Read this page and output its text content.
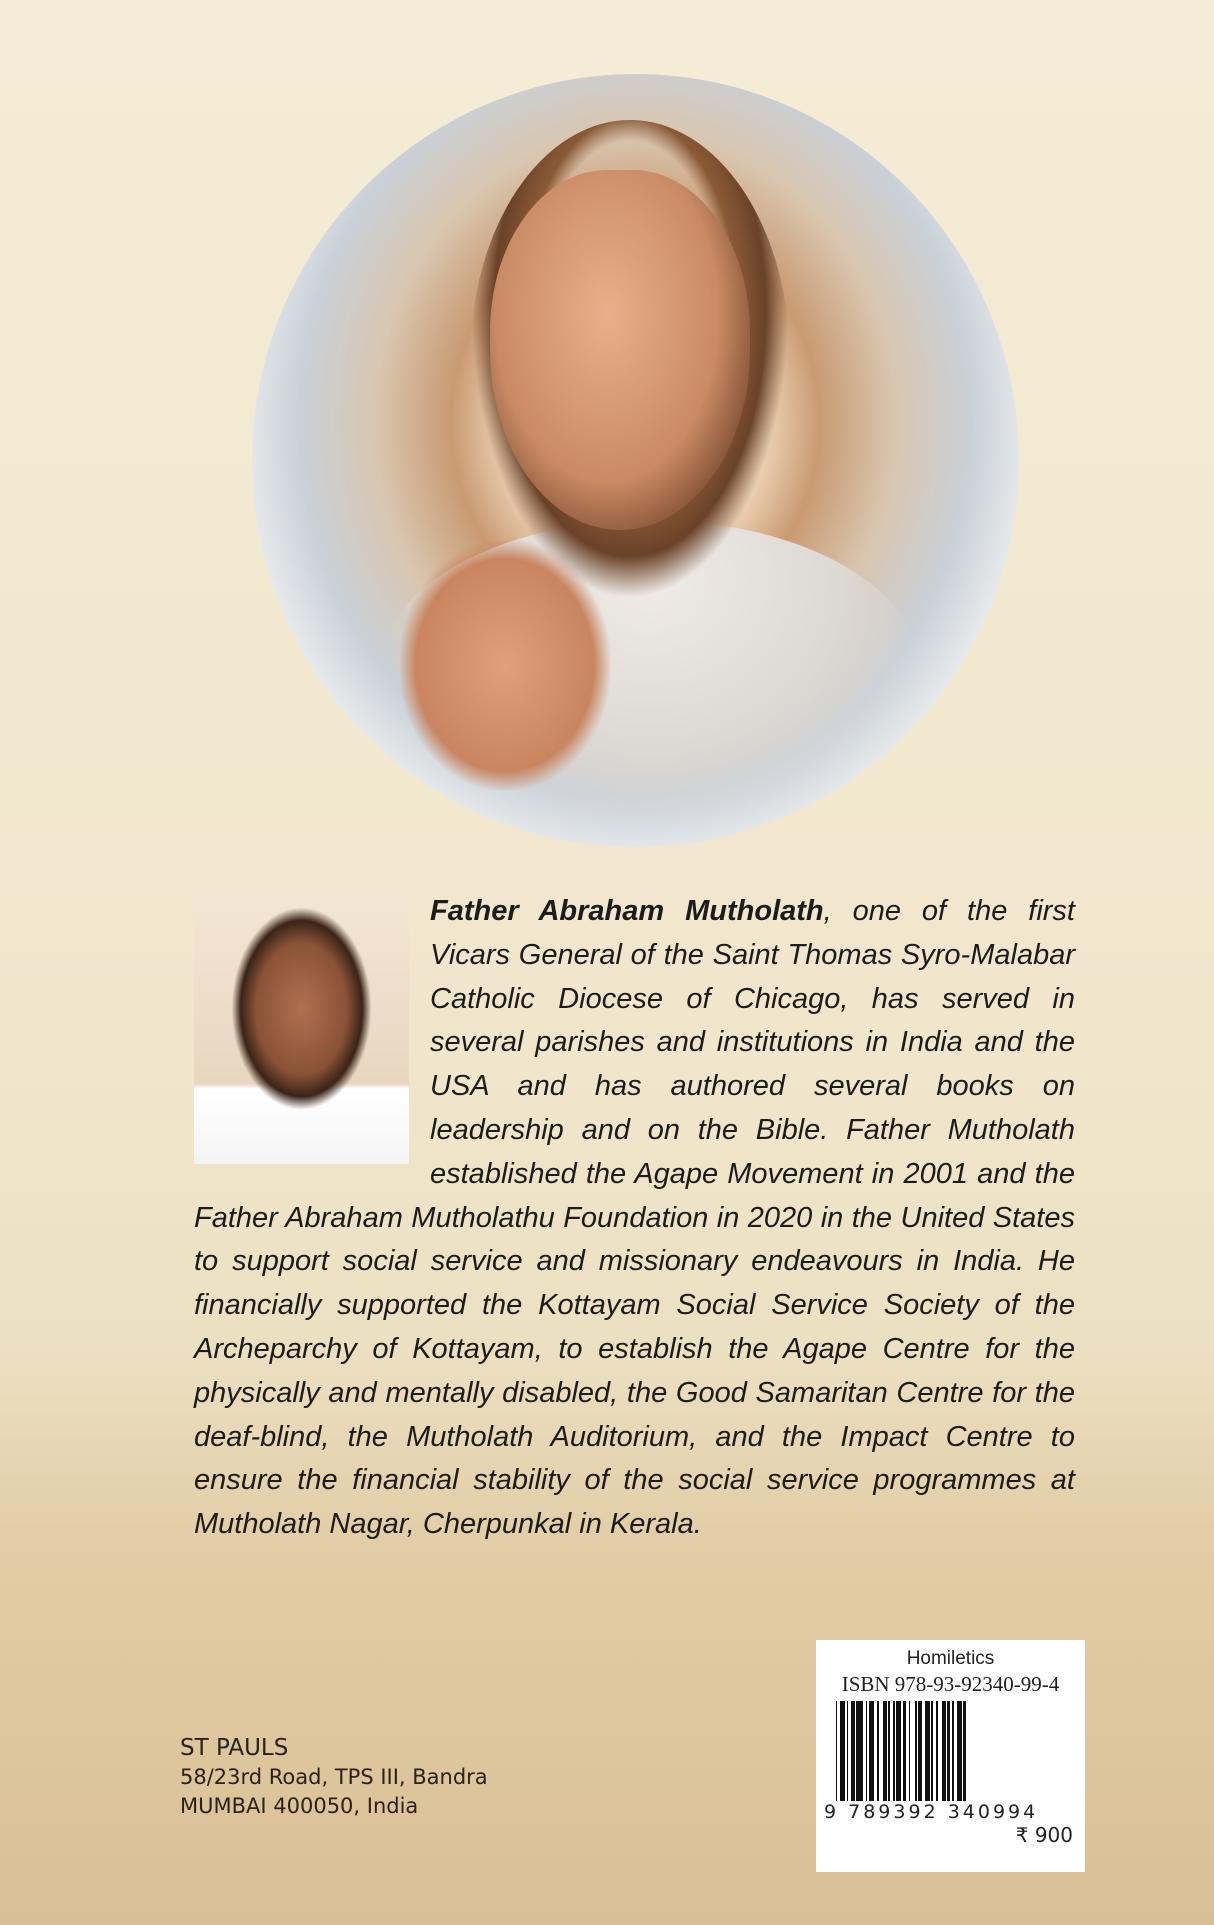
Father Abraham Mutholath, one of the first Vicars General of the Saint Thomas Syro-Malabar Catholic Diocese of Chicago, has served in several parishes and institutions in India and the USA and has authored several books on leadership and on the Bible. Father Mutholath established the Agape Movement in 2001 and the Father Abraham Mutholathu Foundation in 2020 in the United States to support social service and missionary endeavours in India. He financially supported the Kottayam Social Service Society of the Archeparchy of Kottayam, to establish the Agape Centre for the physically and mentally disabled, the Good Samaritan Centre for the deaf-blind, the Mutholath Auditorium, and the Impact Centre to ensure the financial stability of the social service programmes at Mutholath Nagar, Cherpunkal in Kerala.
ST PAULS
58/23rd Road, TPS III, Bandra
MUMBAI 400050, India
Homiletics
ISBN 978-93-92340-99-4
9 789392 340994
₹ 900
